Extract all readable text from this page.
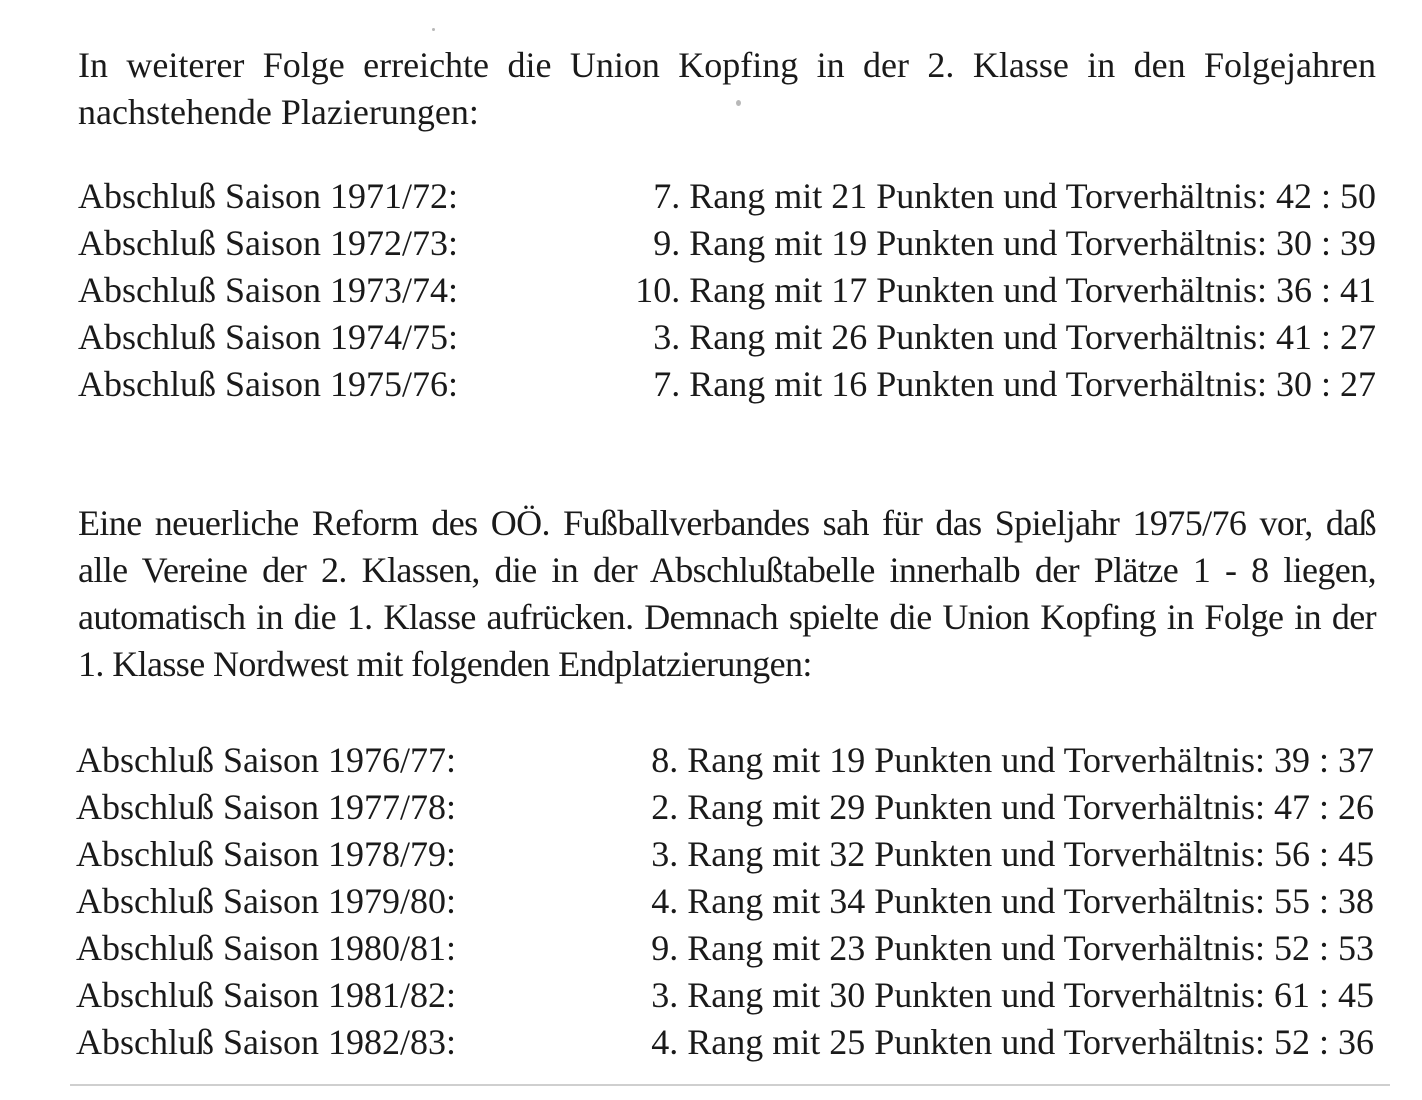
In weiterer Folge erreichte die Union Kopfing in der 2. Klasse in den Folgejahren nachstehende Plazierungen:

Abschluß Saison 1971/72:	7. Rang mit 21 Punkten und Torverhältnis: 42 : 50
Abschluß Saison 1972/73:	9. Rang mit 19 Punkten und Torverhältnis: 30 : 39
Abschluß Saison 1973/74:	10. Rang mit 17 Punkten und Torverhältnis: 36 : 41
Abschluß Saison 1974/75:	3. Rang mit 26 Punkten und Torverhältnis: 41 : 27
Abschluß Saison 1975/76:	7. Rang mit 16 Punkten und Torverhältnis: 30 : 27

Eine neuerliche Reform des OÖ. Fußballverbandes sah für das Spieljahr 1975/76 vor, daß alle Vereine der 2. Klassen, die in der Abschlußtabelle innerhalb der Plätze 1 - 8 liegen, automatisch in die 1. Klasse aufrücken. Demnach spielte die Union Kopfing in Folge in der 1. Klasse Nordwest mit folgenden Endplatzierungen:

Abschluß Saison 1976/77:	8. Rang mit 19 Punkten und Torverhältnis: 39 : 37
Abschluß Saison 1977/78:	2. Rang mit 29 Punkten und Torverhältnis: 47 : 26
Abschluß Saison 1978/79:	3. Rang mit 32 Punkten und Torverhältnis: 56 : 45
Abschluß Saison 1979/80:	4. Rang mit 34 Punkten und Torverhältnis: 55 : 38
Abschluß Saison 1980/81:	9. Rang mit 23 Punkten und Torverhältnis: 52 : 53
Abschluß Saison 1981/82:	3. Rang mit 30 Punkten und Torverhältnis: 61 : 45
Abschluß Saison 1982/83:	4. Rang mit 25 Punkten und Torverhältnis: 52 : 36
